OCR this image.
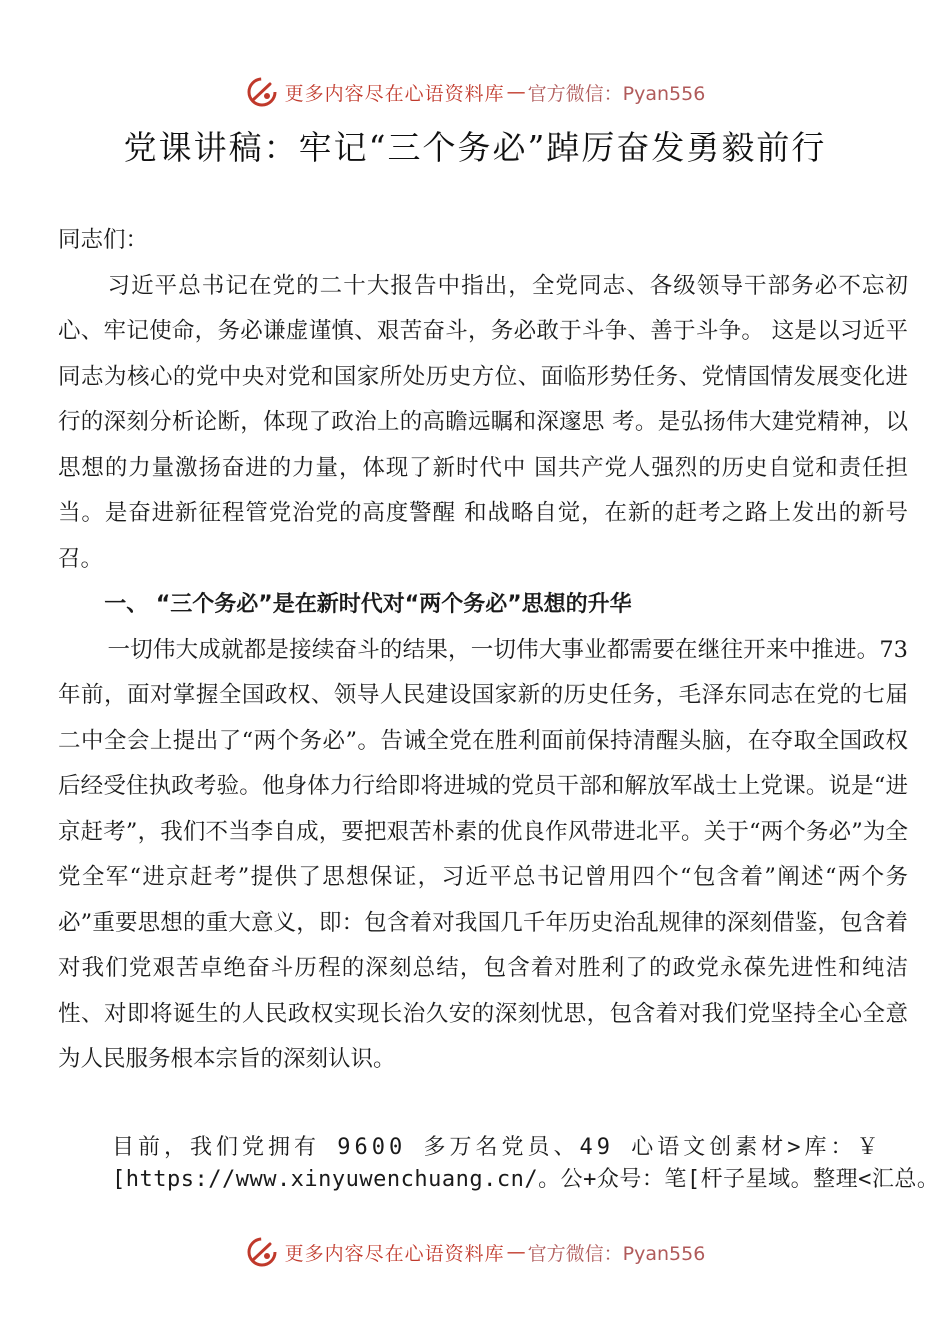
更多内容尽在心语资料库 — 官方微信：Pyan556
党课讲稿：牢记“三个务必”踔厉奋发勇毅前行

同志们：

习近平总书记在党的二十大报告中指出，全党同志、各级领导干部务必不忘初心、牢记使命，务必谦虚谨慎、艰苦奋斗，务必敢于斗争、善于斗争。 这是以习近平同志为核心的党中央对党和国家所处历史方位、面临形势任务、党情国情发展变化进行的深刻分析论断，体现了政治上的高瞻远瞩和深邃思 考。是弘扬伟大建党精神，以思想的力量激扬奋进的力量，体现了新时代中 国共产党人强烈的历史自觉和责任担当。是奋进新征程管党治党的高度警醒 和战略自觉，在新的赶考之路上发出的新号召。

一、 “三个务必”是在新时代对“两个务必”思想的升华

一切伟大成就都是接续奋斗的结果，一切伟大事业都需要在继往开来中推进。73 年前，面对掌握全国政权、领导人民建设国家新的历史任务，毛泽东同志在党的七届二中全会上提出了“两个务必”。告诫全党在胜利面前保持清醒头脑，在夺取全国政权后经受住执政考验。他身体力行给即将进城的党员干部和解放军战士上党课。说是“进京赶考”，我们不当李自成，要把艰苦朴素的优良作风带进北平。关于“两个务必”为全党全军“进京赶考”提供了思想保证，习近平总书记曾用四个“包含着”阐述“两个务必”重要思想的重大意义，即：包含着对我国几千年历史治乱规律的深刻借鉴，包含着对我们党艰苦卓绝奋斗历程的深刻总结，包含着对胜利了的政党永葆先进性和纯洁性、对即将诞生的人民政权实现长治久安的深刻忧思，包含着对我们党坚持全心全意为人民服务根本宗旨的深刻认识。

目前，我们党拥有 9600 多万名党员、49 心语文创素材>库：￥
[https://www.xinyuwenchuang.cn/。公+众号：笔[杆子星域。整理<汇总。
更多内容尽在心语资料库 — 官方微信：Pyan556
